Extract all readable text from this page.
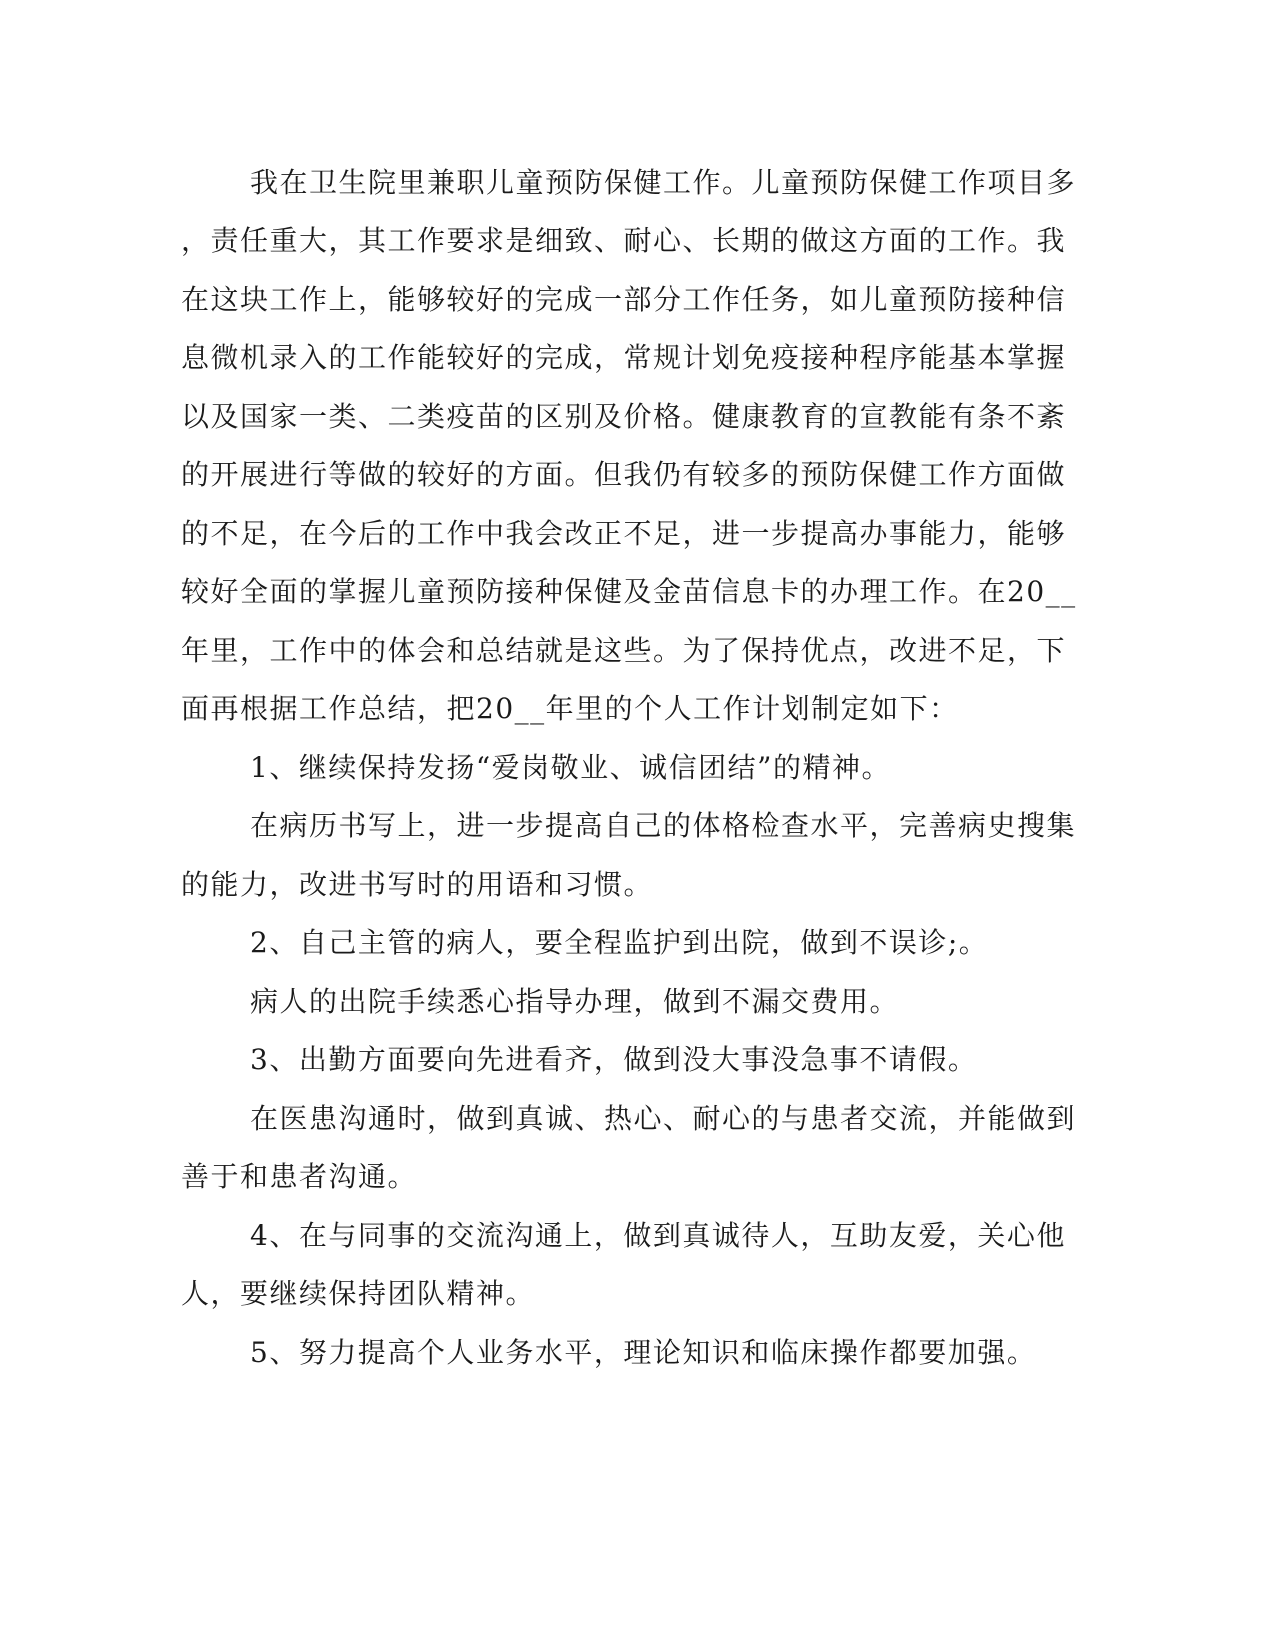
我在卫生院里兼职儿童预防保健工作。儿童预防保健工作项目多
，责任重大，其工作要求是细致、耐心、长期的做这方面的工作。我
在这块工作上，能够较好的完成一部分工作任务，如儿童预防接种信
息微机录入的工作能较好的完成，常规计划免疫接种程序能基本掌握
以及国家一类、二类疫苗的区别及价格。健康教育的宣教能有条不紊
的开展进行等做的较好的方面。但我仍有较多的预防保健工作方面做
的不足，在今后的工作中我会改正不足，进一步提高办事能力，能够
较好全面的掌握儿童预防接种保健及金苗信息卡的办理工作。在20__
年里，工作中的体会和总结就是这些。为了保持优点，改进不足，下
面再根据工作总结，把20__年里的个人工作计划制定如下：
1、继续保持发扬“爱岗敬业、诚信团结”的精神。
在病历书写上，进一步提高自己的体格检查水平，完善病史搜集
的能力，改进书写时的用语和习惯。
2、自己主管的病人，要全程监护到出院，做到不误诊;。
病人的出院手续悉心指导办理，做到不漏交费用。
3、出勤方面要向先进看齐，做到没大事没急事不请假。
在医患沟通时，做到真诚、热心、耐心的与患者交流，并能做到
善于和患者沟通。
4、在与同事的交流沟通上，做到真诚待人，互助友爱，关心他
人，要继续保持团队精神。
5、努力提高个人业务水平，理论知识和临床操作都要加强。
